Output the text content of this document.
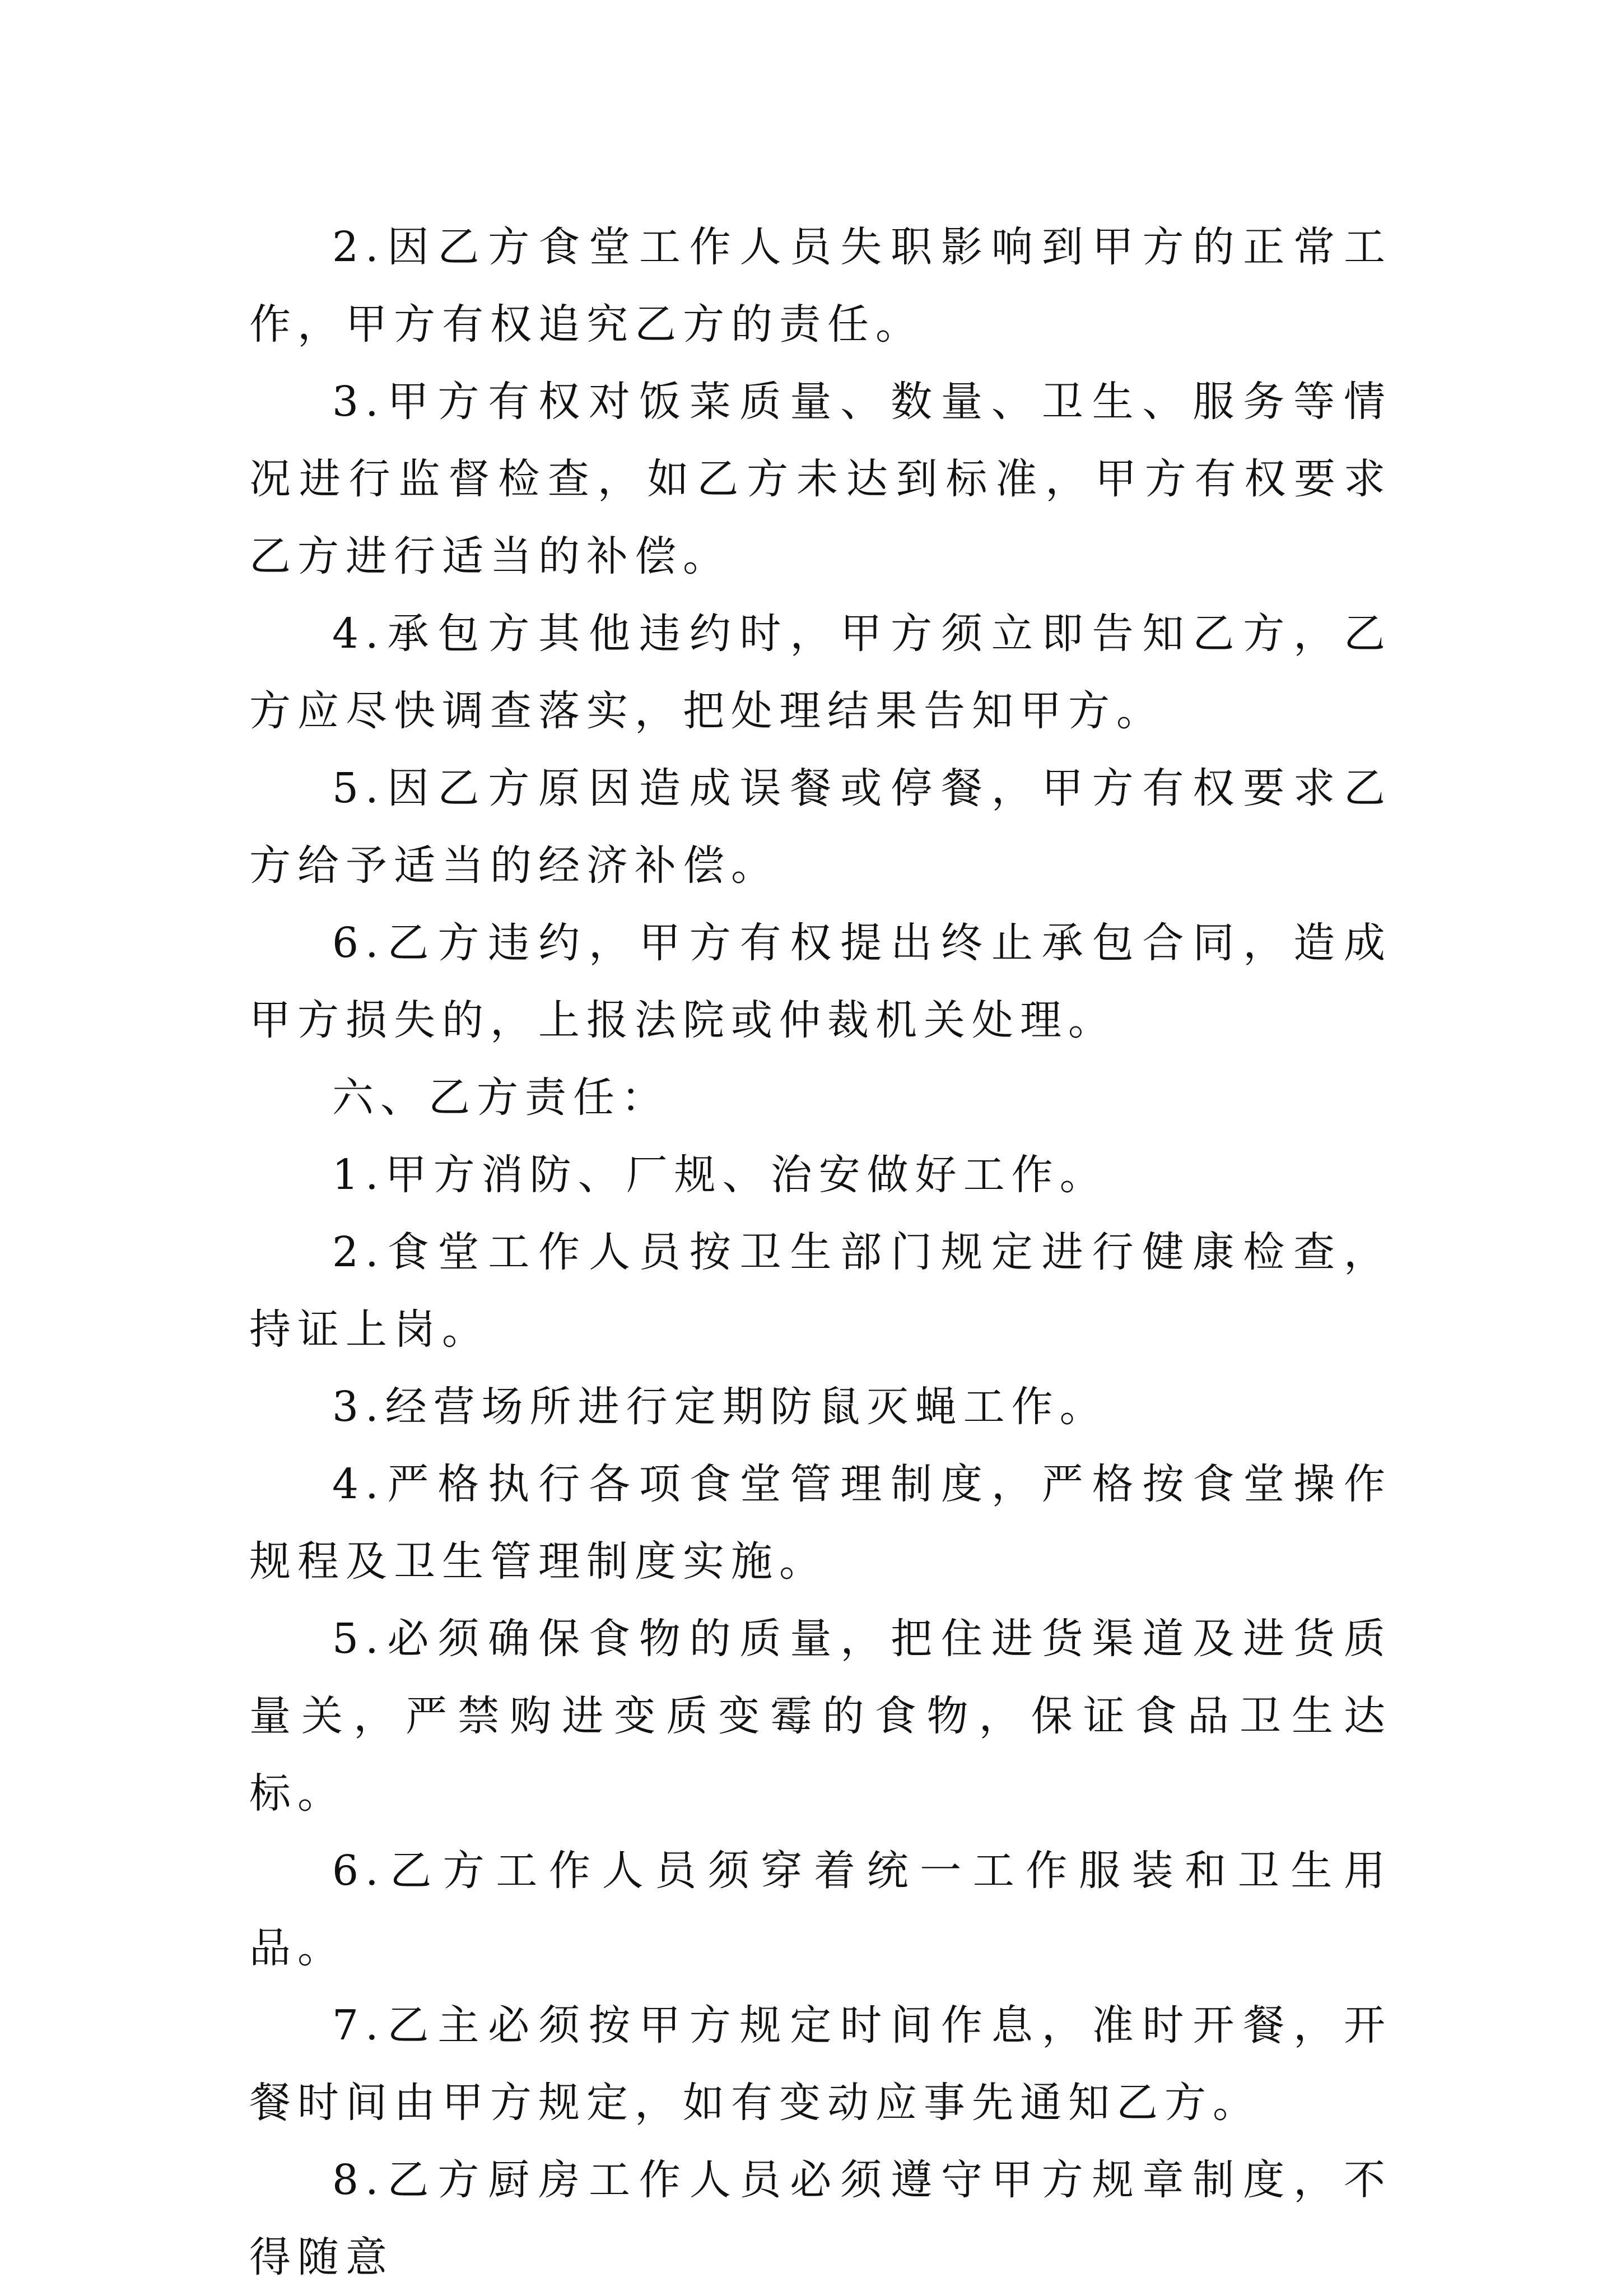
2.因乙方食堂工作人员失职影响到甲方的正常工作，甲方有权追究乙方的责任。

3.甲方有权对饭菜质量、数量、卫生、服务等情况进行监督检查，如乙方未达到标准，甲方有权要求乙方进行适当的补偿。

4.承包方其他违约时，甲方须立即告知乙方，乙方应尽快调查落实，把处理结果告知甲方。

5.因乙方原因造成误餐或停餐，甲方有权要求乙方给予适当的经济补偿。

6.乙方违约，甲方有权提出终止承包合同，造成甲方损失的，上报法院或仲裁机关处理。

六、乙方责任：

1.甲方消防、厂规、治安做好工作。

2.食堂工作人员按卫生部门规定进行健康检查，持证上岗。

3.经营场所进行定期防鼠灭蝇工作。

4.严格执行各项食堂管理制度，严格按食堂操作规程及卫生管理制度实施。

5.必须确保食物的质量，把住进货渠道及进货质量关，严禁购进变质变霉的食物，保证食品卫生达标。

6.乙方工作人员须穿着统一工作服装和卫生用品。

7.乙主必须按甲方规定时间作息，准时开餐，开餐时间由甲方规定，如有变动应事先通知乙方。

8.乙方厨房工作人员必须遵守甲方规章制度，不得随意
